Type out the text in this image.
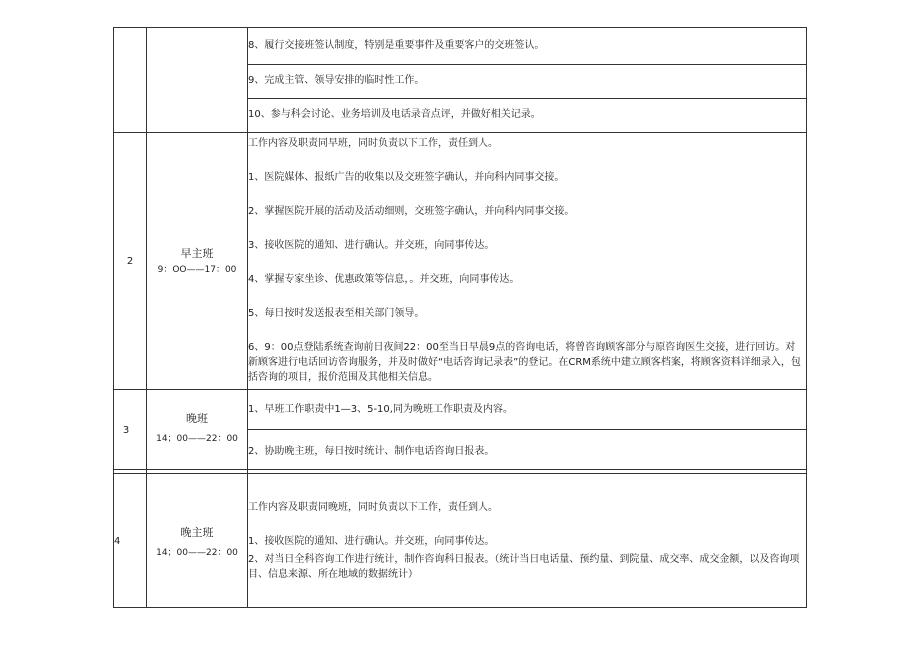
8、履行交接班签认制度，特别是重要事件及重要客户的交班签认。
9、完成主管、领导安排的临时性工作。
10、参与科会讨论、业务培训及电话录音点评，并做好相关记录。
2
早主班
9：OO——17：00
工作内容及职责同早班，同时负责以下工作，责任到人。
1、医院媒体、报纸广告的收集以及交班签字确认，并向科内同事交接。
2、掌握医院开展的活动及活动细则，交班签字确认，并向科内同事交接。
3、接收医院的通知、进行确认。并交班，向同事传达。
4、掌握专家坐诊、优惠政策等信息，。并交班，向同事传达。
5、每日按时发送报表至相关部门领导。
6、9：00点登陆系统查询前日夜间22：00至当日早晨9点的咨询电话，将曾咨询顾客部分与原咨询医生交接，进行回访。对新顾客进行电话回访咨询服务，并及时做好“电话咨询记录表”的登记。在CRM系统中建立顾客档案，将顾客资料详细录入，包括咨询的项目，报价范围及其他相关信息。
3
晚班
14；00——22：00
1、早班工作职责中1—3、5-10,同为晚班工作职责及内容。
2、协助晚主班，每日按时统计、制作电话咨询日报表。
4
晚主班
14；00——22：00
工作内容及职责同晚班，同时负责以下工作，责任到人。
1、接收医院的通知、进行确认。并交班，向同事传达。
2、对当日全科咨询工作进行统计，制作咨询科日报表。（统计当日电话量、预约量、到院量、成交率、成交金额，以及咨询项目、信息来源、所在地域的数据统计）
